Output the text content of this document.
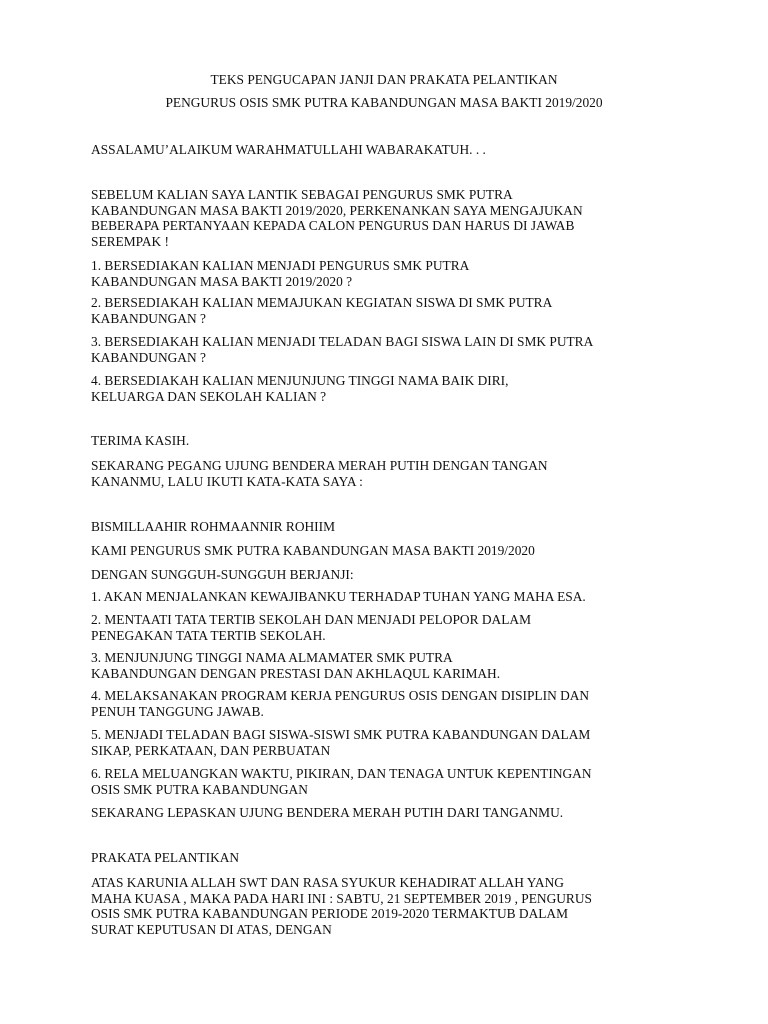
TEKS PENGUCAPAN JANJI DAN PRAKATA PELANTIKAN
PENGURUS OSIS SMK PUTRA KABANDUNGAN MASA BAKTI 2019/2020

ASSALAMU’ALAIKUM WARAHMATULLAHI WABARAKATUH. . .

SEBELUM KALIAN SAYA LANTIK SEBAGAI PENGURUS SMK PUTRA
KABANDUNGAN MASA BAKTI 2019/2020, PERKENANKAN SAYA MENGAJUKAN
BEBERAPA PERTANYAAN KEPADA CALON PENGURUS DAN HARUS DI JAWAB
SEREMPAK !

1. BERSEDIAKAN KALIAN MENJADI PENGURUS SMK PUTRA
KABANDUNGAN MASA BAKTI 2019/2020 ?

2. BERSEDIAKAH KALIAN MEMAJUKAN KEGIATAN SISWA DI SMK PUTRA
KABANDUNGAN ?

3. BERSEDIAKAH KALIAN MENJADI TELADAN BAGI SISWA LAIN DI SMK PUTRA
KABANDUNGAN ?

4. BERSEDIAKAH KALIAN MENJUNJUNG TINGGI NAMA BAIK DIRI,
KELUARGA DAN SEKOLAH KALIAN ?

TERIMA KASIH.

SEKARANG PEGANG UJUNG BENDERA MERAH PUTIH DENGAN TANGAN
KANANMU, LALU IKUTI KATA-KATA SAYA :

BISMILLAAHIR ROHMAANNIR ROHIIM

KAMI PENGURUS SMK PUTRA KABANDUNGAN MASA BAKTI 2019/2020

DENGAN SUNGGUH-SUNGGUH BERJANJI:

1. AKAN MENJALANKAN KEWAJIBANKU TERHADAP TUHAN YANG MAHA ESA.

2. MENTAATI TATA TERTIB SEKOLAH DAN MENJADI PELOPOR DALAM
PENEGAKAN TATA TERTIB SEKOLAH.

3. MENJUNJUNG TINGGI NAMA ALMAMATER SMK PUTRA
KABANDUNGAN DENGAN PRESTASI DAN AKHLAQUL KARIMAH.

4. MELAKSANAKAN PROGRAM KERJA PENGURUS OSIS DENGAN DISIPLIN DAN
PENUH TANGGUNG JAWAB.

5. MENJADI TELADAN BAGI SISWA-SISWI SMK PUTRA KABANDUNGAN DALAM
SIKAP, PERKATAAN, DAN PERBUATAN

6. RELA MELUANGKAN WAKTU, PIKIRAN, DAN TENAGA UNTUK KEPENTINGAN
OSIS SMK PUTRA KABANDUNGAN

SEKARANG LEPASKAN UJUNG BENDERA MERAH PUTIH DARI TANGANMU.

PRAKATA PELANTIKAN

ATAS KARUNIA ALLAH SWT DAN RASA SYUKUR KEHADIRAT ALLAH YANG
MAHA KUASA , MAKA PADA HARI INI : SABTU, 21 SEPTEMBER 2019 , PENGURUS
OSIS SMK PUTRA KABANDUNGAN PERIODE 2019-2020 TERMAKTUB DALAM
SURAT KEPUTUSAN DI ATAS, DENGAN
